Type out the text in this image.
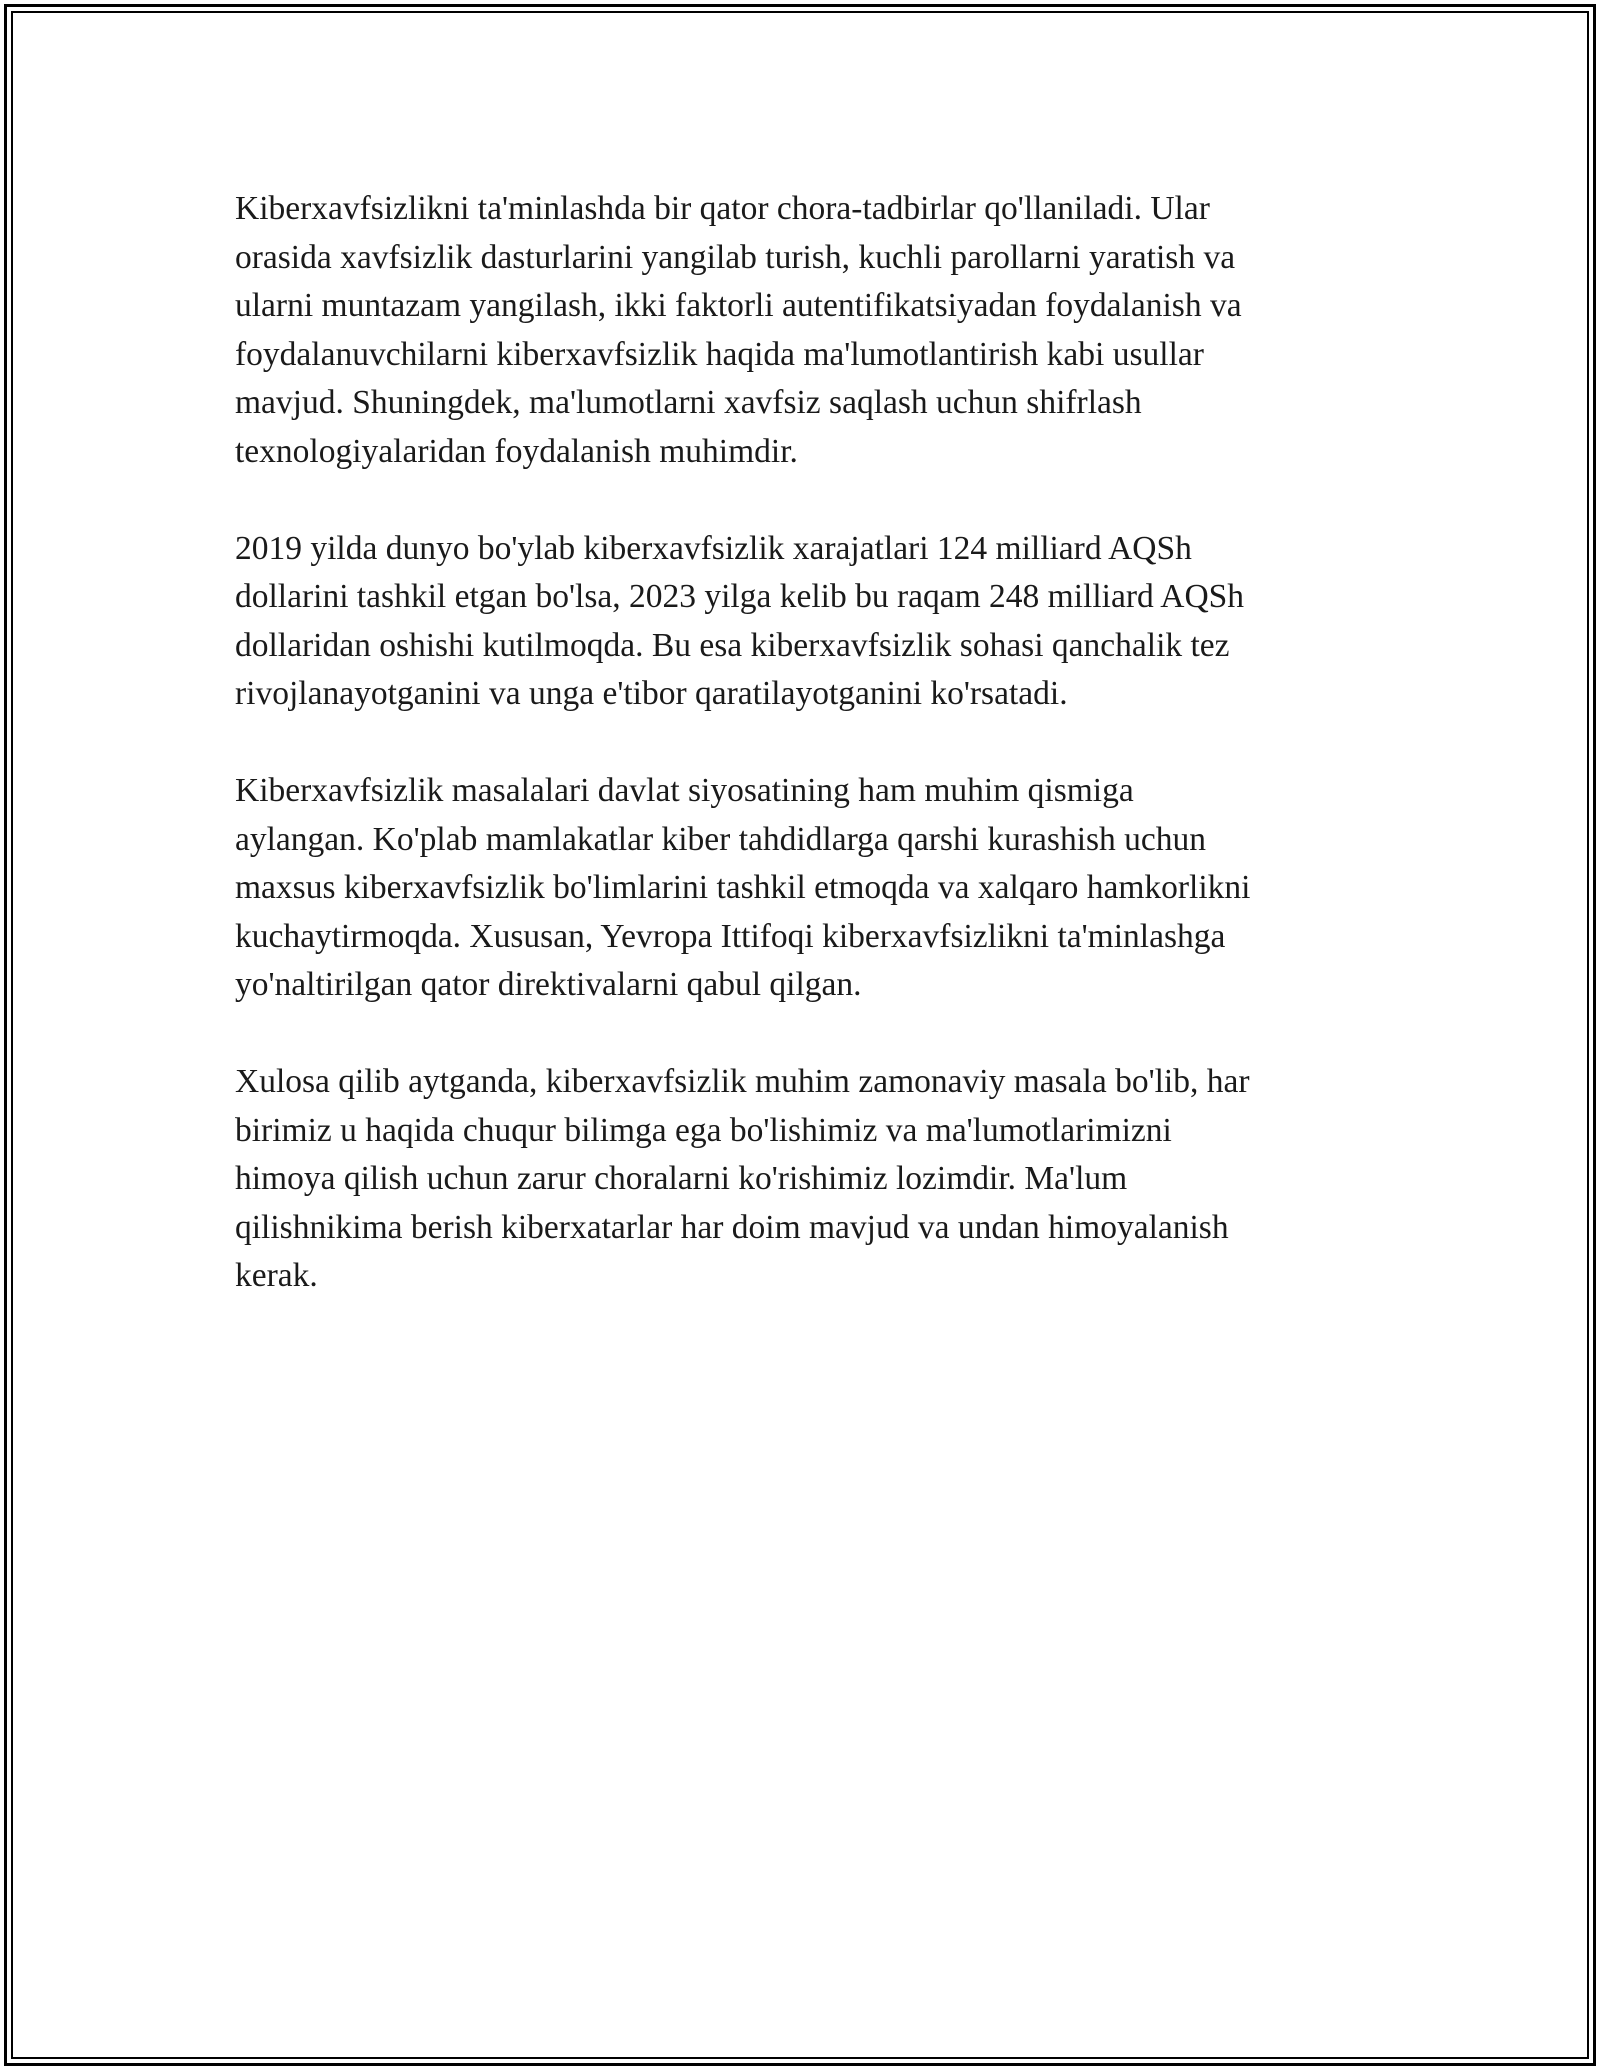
Kiberxavfsizlikni ta'minlashda bir qator chora-tadbirlar qo'llaniladi. Ular
orasida xavfsizlik dasturlarini yangilab turish, kuchli parollarni yaratish va
ularni muntazam yangilash, ikki faktorli autentifikatsiyadan foydalanish va
foydalanuvchilarni kiberxavfsizlik haqida ma'lumotlantirish kabi usullar
mavjud. Shuningdek, ma'lumotlarni xavfsiz saqlash uchun shifrlash
texnologiyalaridan foydalanish muhimdir.

2019 yilda dunyo bo'ylab kiberxavfsizlik xarajatlari 124 milliard AQSh
dollarini tashkil etgan bo'lsa, 2023 yilga kelib bu raqam 248 milliard AQSh
dollaridan oshishi kutilmoqda. Bu esa kiberxavfsizlik sohasi qanchalik tez
rivojlanayotganini va unga e'tibor qaratilayotganini ko'rsatadi.

Kiberxavfsizlik masalalari davlat siyosatining ham muhim qismiga
aylangan. Ko'plab mamlakatlar kiber tahdidlarga qarshi kurashish uchun
maxsus kiberxavfsizlik bo'limlarini tashkil etmoqda va xalqaro hamkorlikni
kuchaytirmoqda. Xususan, Yevropa Ittifoqi kiberxavfsizlikni ta'minlashga
yo'naltirilgan qator direktivalarni qabul qilgan.

Xulosa qilib aytganda, kiberxavfsizlik muhim zamonaviy masala bo'lib, har
birimiz u haqida chuqur bilimga ega bo'lishimiz va ma'lumotlarimizni
himoya qilish uchun zarur choralarni ko'rishimiz lozimdir. Ma'lum
qilishnikima berish kiberxatarlar har doim mavjud va undan himoyalanish
kerak.
